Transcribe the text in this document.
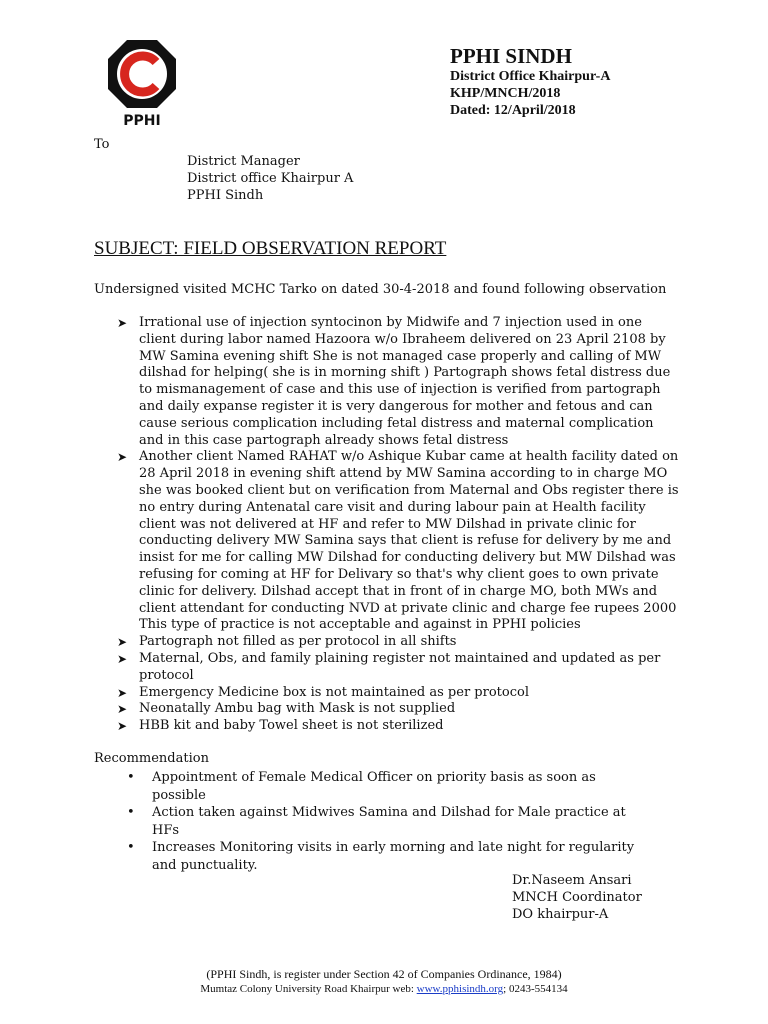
PPHI
PPHI SINDH
District Office Khairpur-A
KHP/MNCH/2018
Dated: 12/April/2018
To
District Manager
District office Khairpur A
PPHI Sindh
SUBJECT: FIELD OBSERVATION REPORT
Undersigned visited MCHC Tarko on dated 30-4-2018 and found following observation
➤ Irrational use of injection syntocinon by Midwife and 7 injection used in one client during labor named Hazoora w/o Ibraheem delivered on 23 April 2108 by MW Samina evening shift She is not managed case properly and calling of MW dilshad for helping( she is in morning shift ) Partograph shows fetal distress due to mismanagement of case and this use of injection is verified from partograph and daily expanse register it is very dangerous for mother and fetous and can cause serious complication including fetal distress and maternal complication and in this case partograph already shows fetal distress
➤ Another client Named RAHAT w/o Ashique Kubar came at health facility dated on 28 April 2018 in evening shift attend by MW Samina according to in charge MO she was booked client but on verification from Maternal and Obs register there is no entry during Antenatal care visit and during labour pain at Health facility client was not delivered at HF and refer to MW Dilshad in private clinic for conducting delivery MW Samina says that client is refuse for delivery by me and insist for me for calling MW Dilshad for conducting delivery but MW Dilshad was refusing for coming at HF for Delivary so that's why client goes to own private clinic for delivery. Dilshad accept that in front of in charge MO, both MWs and client attendant for conducting NVD at private clinic and charge fee rupees 2000 This type of practice is not acceptable and against in PPHI policies
➤ Partograph not filled as per protocol in all shifts
➤ Maternal, Obs, and family plaining register not maintained and updated as per protocol
➤ Emergency Medicine box is not maintained as per protocol
➤ Neonatally Ambu bag with Mask is not supplied
➤ HBB kit and baby Towel sheet is not sterilized
Recommendation
• Appointment of Female Medical Officer on priority basis as soon as possible
• Action taken against Midwives Samina and Dilshad for Male practice at HFs
• Increases Monitoring visits in early morning and late night for regularity and punctuality.
Dr.Naseem Ansari
MNCH Coordinator
DO khairpur-A
(PPHI Sindh, is register under Section 42 of Companies Ordinance, 1984)
Mumtaz Colony University Road Khairpur web: www.pphisindh.org; 0243-554134
